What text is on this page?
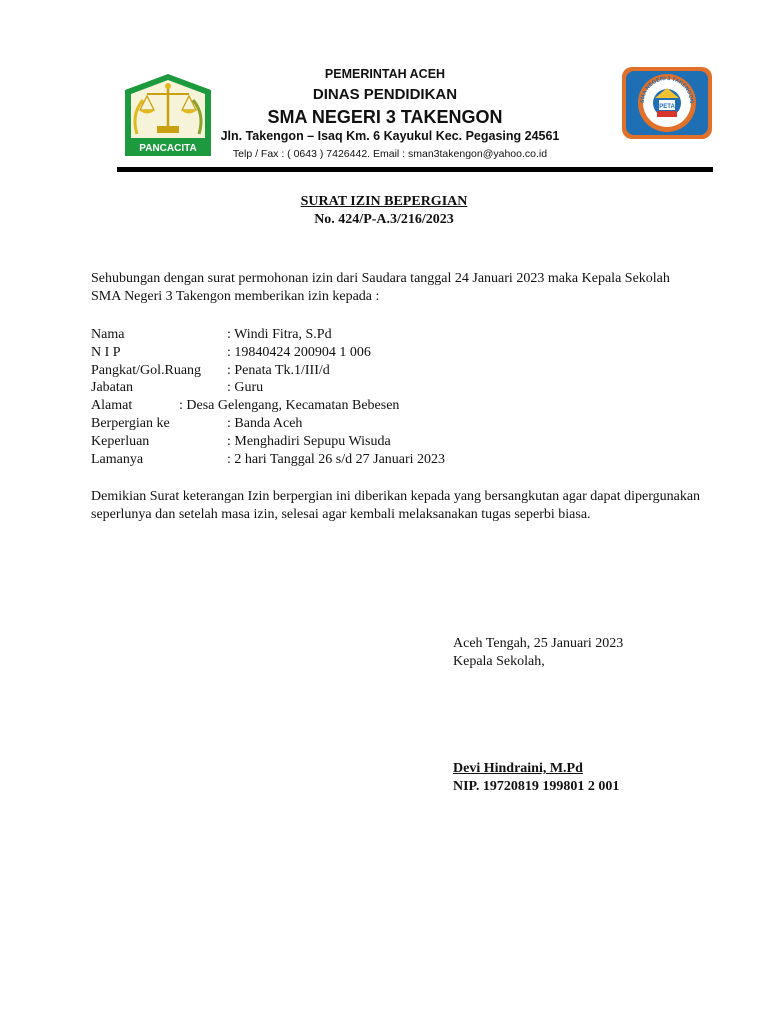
PANCACITA
PETA
SMA NEGERI 3 TAKENGON
PEMERINTAH ACEH
DINAS PENDIDIKAN
SMA NEGERI 3 TAKENGON
Jln. Takengon – Isaq Km. 6 Kayukul Kec. Pegasing 24561
Telp / Fax : ( 0643 ) 7426442. Email : sman3takengon@yahoo.co.id
SURAT IZIN BEPERGIAN
No. 424/P-A.3/216/2023
Sehubungan dengan surat permohonan izin dari Saudara tanggal 24 Januari 2023 maka Kepala Sekolah SMA Negeri 3 Takengon memberikan izin kepada :
Nama	: Windi Fitra, S.Pd
N I P	: 19840424 200904 1 006
Pangkat/Gol.Ruang : Penata Tk.1/III/d
Jabatan	: Guru
Alamat	: Desa Gelengang, Kecamatan Bebesen
Berpergian ke	: Banda Aceh
Keperluan	: Menghadiri Sepupu Wisuda
Lamanya	: 2 hari Tanggal 26 s/d 27 Januari 2023
Demikian Surat keterangan Izin berpergian ini diberikan kepada yang bersangkutan agar dapat dipergunakan seperlunya dan setelah masa izin, selesai agar kembali melaksanakan tugas seperbi biasa.
Aceh Tengah, 25 Januari 2023
Kepala Sekolah,
Devi Hindraini, M.Pd
NIP. 19720819 199801 2 001
